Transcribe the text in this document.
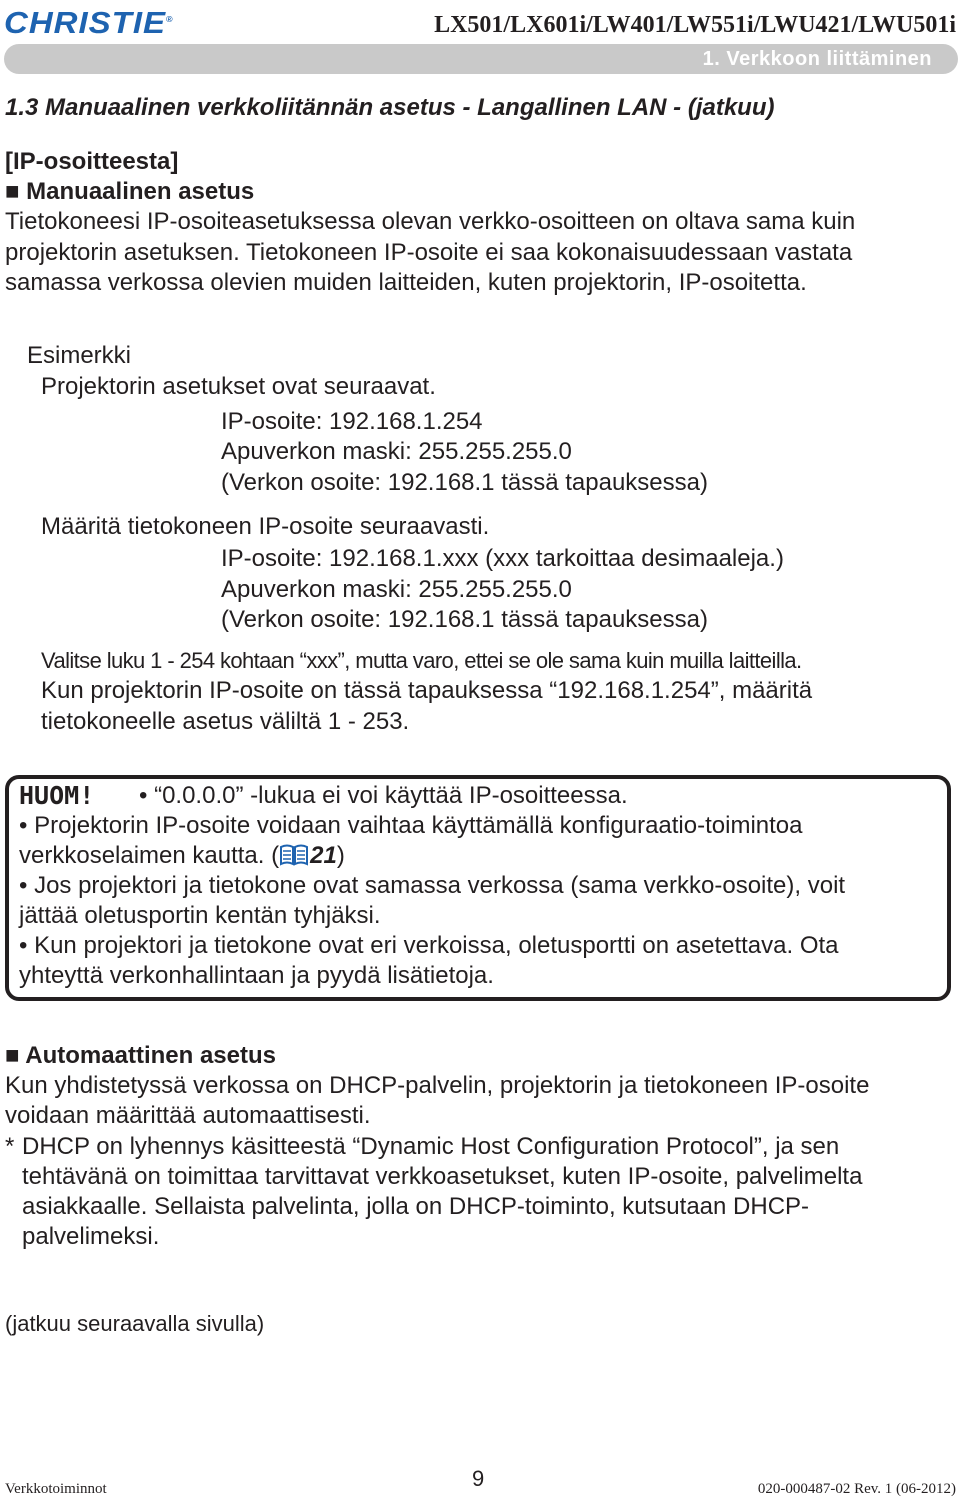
CHRISTIE®	LX501/LX601i/LW401/LW551i/LWU421/LWU501i
1. Verkkoon liittäminen
1.3 Manuaalinen verkkoliitännän asetus - Langallinen LAN - (jatkuu)
[IP-osoitteesta]
■ Manuaalinen asetus
Tietokoneesi IP-osoiteasetuksessa olevan verkko-osoitteen on oltava sama kuin
projektorin asetuksen. Tietokoneen IP-osoite ei saa kokonaisuudessaan vastata
samassa verkossa olevien muiden laitteiden, kuten projektorin, IP-osoitetta.
Esimerkki
Projektorin asetukset ovat seuraavat.
IP-osoite: 192.168.1.254
Apuverkon maski: 255.255.255.0
(Verkon osoite: 192.168.1 tässä tapauksessa)
Määritä tietokoneen IP-osoite seuraavasti.
IP-osoite: 192.168.1.xxx (xxx tarkoittaa desimaaleja.)
Apuverkon maski: 255.255.255.0
(Verkon osoite: 192.168.1 tässä tapauksessa)
Valitse luku 1 - 254 kohtaan “xxx”, mutta varo, ettei se ole sama kuin muilla laitteilla.
Kun projektorin IP-osoite on tässä tapauksessa “192.168.1.254”, määritä
tietokoneelle asetus väliltä 1 - 253.
HUOM! • “0.0.0.0” -lukua ei voi käyttää IP-osoitteessa.
• Projektorin IP-osoite voidaan vaihtaa käyttämällä konfiguraatio-toimintoa
verkkoselaimen kautta. ( 21)
• Jos projektori ja tietokone ovat samassa verkossa (sama verkko-osoite), voit
jättää oletusportin kentän tyhjäksi.
• Kun projektori ja tietokone ovat eri verkoissa, oletusportti on asetettava. Ota
yhteyttä verkonhallintaan ja pyydä lisätietoja.
■ Automaattinen asetus
Kun yhdistetyssä verkossa on DHCP-palvelin, projektorin ja tietokoneen IP-osoite
voidaan määrittää automaattisesti.
* DHCP on lyhennys käsitteestä “Dynamic Host Configuration Protocol”, ja sen
tehtävänä on toimittaa tarvittavat verkkoasetukset, kuten IP-osoite, palvelimelta
asiakkaalle. Sellaista palvelinta, jolla on DHCP-toiminto, kutsutaan DHCP-
palvelimeksi.
(jatkuu seuraavalla sivulla)
Verkkotoiminnot	9	020-000487-02 Rev. 1 (06-2012)
